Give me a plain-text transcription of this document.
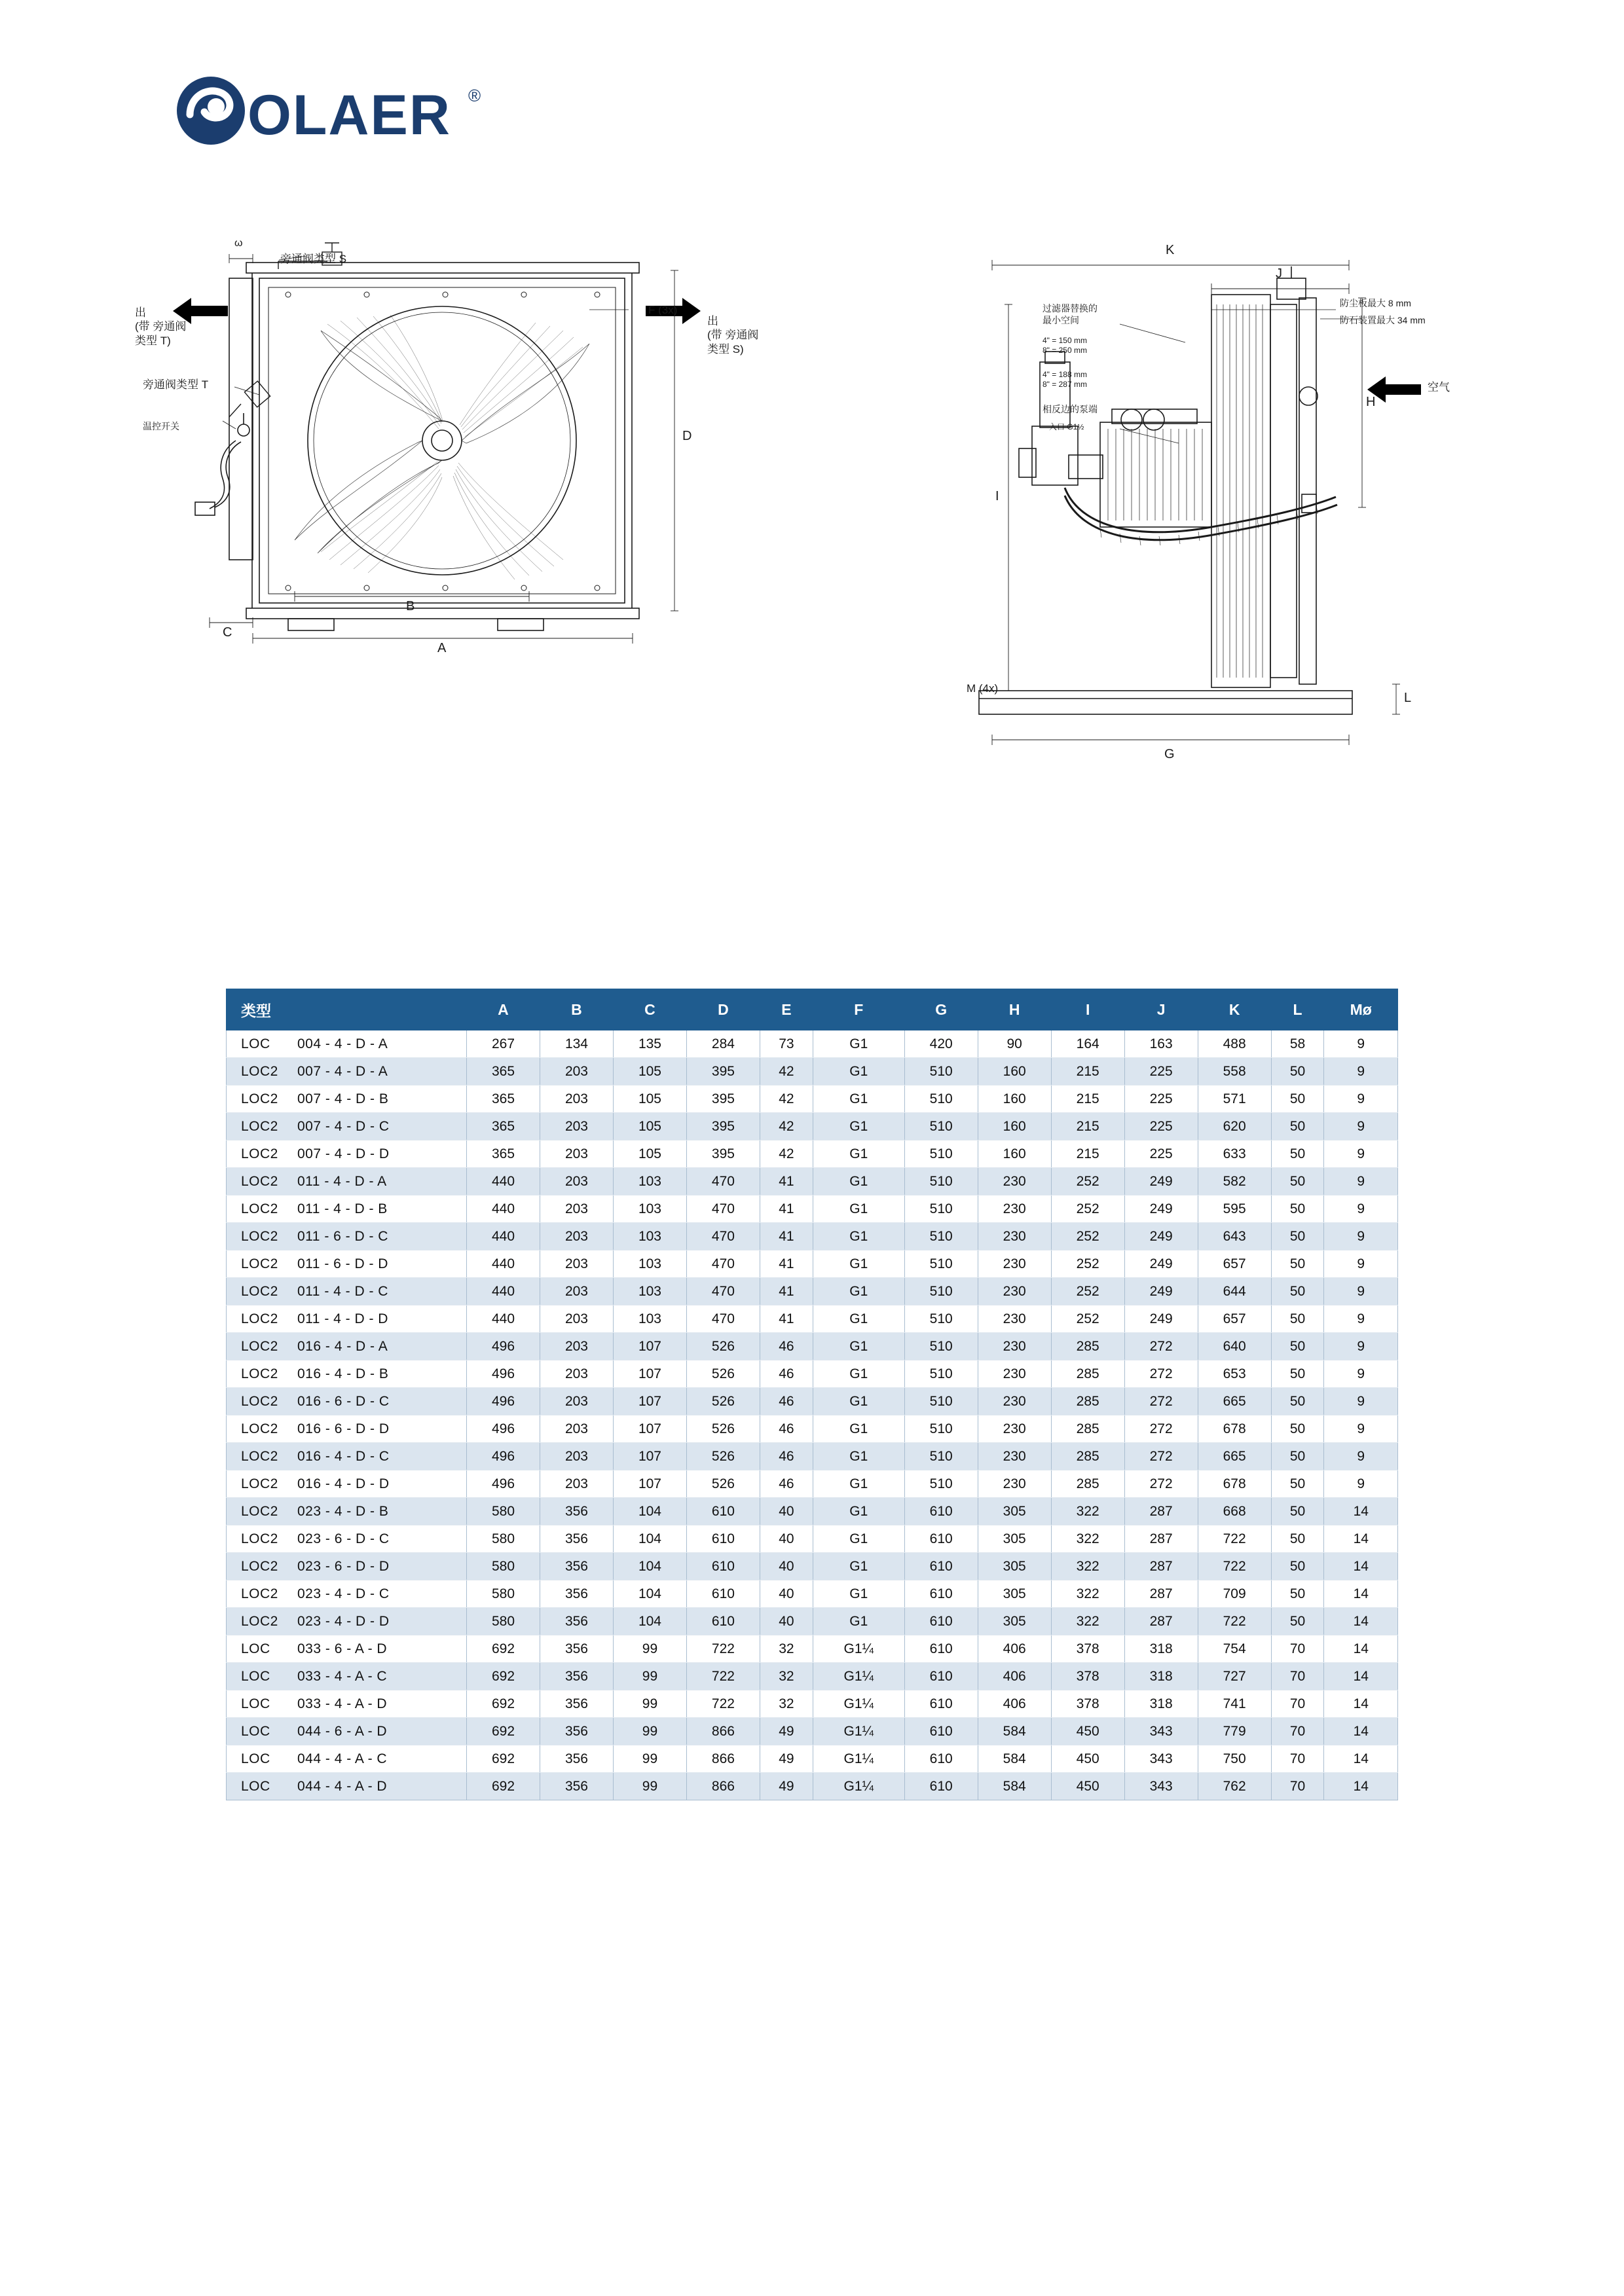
OLAER ®
旁通阀类型 S
出
(带 旁通阀
类型 T)
出
(带 旁通阀
类型 S)
F (3x)
旁通阀类型 T
温控开关
ω
D
B
A
C
过滤器替换的
最小空间
4" = 150 mm
8" = 250 mm
4" = 188 mm
8" = 287 mm
相反边的泵端
入口 G1½
防尘板最大 8 mm
防石装置最大 34 mm
空气
M (4x)
K
J
H
I
L
G
类型	A	B	C	D	E	F	G	H	I	J	K	L	Mø
LOC 004 - 4 - D - A	267	134	135	284	73	G1	420	90	164	163	488	58	9
LOC2 007 - 4 - D - A	365	203	105	395	42	G1	510	160	215	225	558	50	9
LOC2 007 - 4 - D - B	365	203	105	395	42	G1	510	160	215	225	571	50	9
LOC2 007 - 4 - D - C	365	203	105	395	42	G1	510	160	215	225	620	50	9
LOC2 007 - 4 - D - D	365	203	105	395	42	G1	510	160	215	225	633	50	9
LOC2 011 - 4 - D - A	440	203	103	470	41	G1	510	230	252	249	582	50	9
LOC2 011 - 4 - D - B	440	203	103	470	41	G1	510	230	252	249	595	50	9
LOC2 011 - 6 - D - C	440	203	103	470	41	G1	510	230	252	249	643	50	9
LOC2 011 - 6 - D - D	440	203	103	470	41	G1	510	230	252	249	657	50	9
LOC2 011 - 4 - D - C	440	203	103	470	41	G1	510	230	252	249	644	50	9
LOC2 011 - 4 - D - D	440	203	103	470	41	G1	510	230	252	249	657	50	9
LOC2 016 - 4 - D - A	496	203	107	526	46	G1	510	230	285	272	640	50	9
LOC2 016 - 4 - D - B	496	203	107	526	46	G1	510	230	285	272	653	50	9
LOC2 016 - 6 - D - C	496	203	107	526	46	G1	510	230	285	272	665	50	9
LOC2 016 - 6 - D - D	496	203	107	526	46	G1	510	230	285	272	678	50	9
LOC2 016 - 4 - D - C	496	203	107	526	46	G1	510	230	285	272	665	50	9
LOC2 016 - 4 - D - D	496	203	107	526	46	G1	510	230	285	272	678	50	9
LOC2 023 - 4 - D - B	580	356	104	610	40	G1	610	305	322	287	668	50	14
LOC2 023 - 6 - D - C	580	356	104	610	40	G1	610	305	322	287	722	50	14
LOC2 023 - 6 - D - D	580	356	104	610	40	G1	610	305	322	287	722	50	14
LOC2 023 - 4 - D - C	580	356	104	610	40	G1	610	305	322	287	709	50	14
LOC2 023 - 4 - D - D	580	356	104	610	40	G1	610	305	322	287	722	50	14
LOC 033 - 6 - A - D	692	356	99	722	32	G1¼	610	406	378	318	754	70	14
LOC 033 - 4 - A - C	692	356	99	722	32	G1¼	610	406	378	318	727	70	14
LOC 033 - 4 - A - D	692	356	99	722	32	G1¼	610	406	378	318	741	70	14
LOC 044 - 6 - A - D	692	356	99	866	49	G1¼	610	584	450	343	779	70	14
LOC 044 - 4 - A - C	692	356	99	866	49	G1¼	610	584	450	343	750	70	14
LOC 044 - 4 - A - D	692	356	99	866	49	G1¼	610	584	450	343	762	70	14
